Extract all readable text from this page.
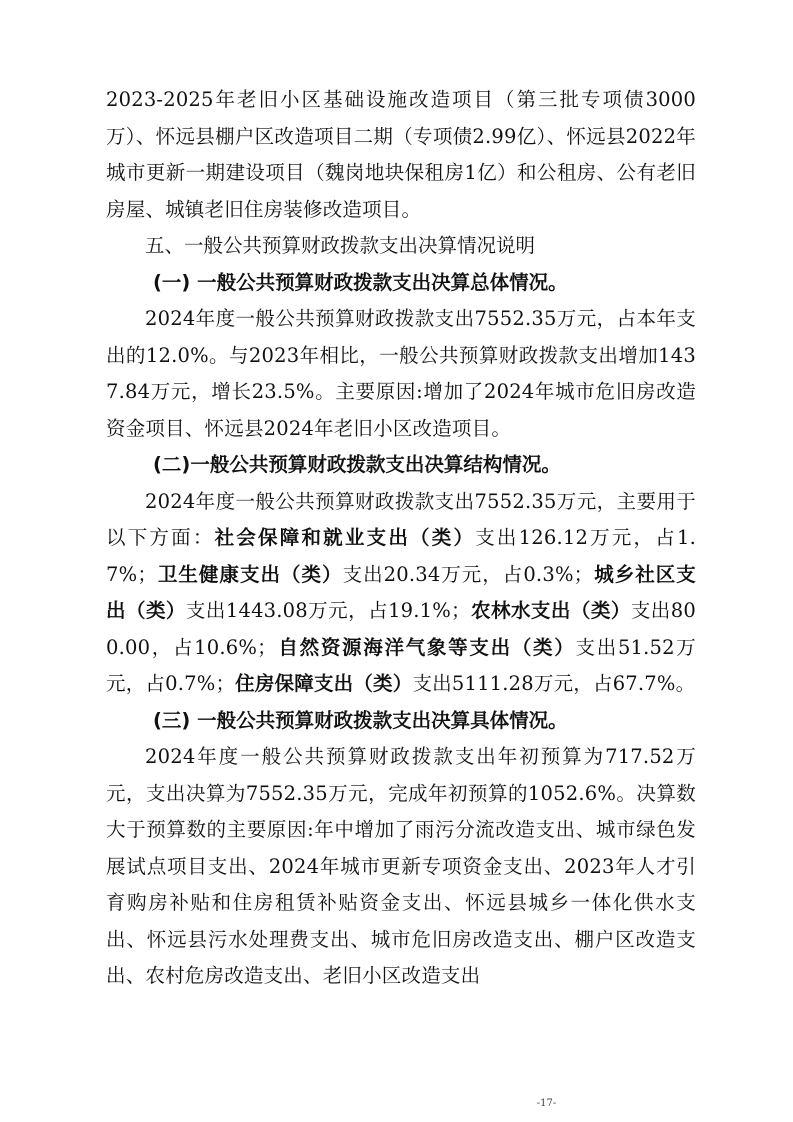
2023-2025年老旧小区基础设施改造项目（第三批专项债3000万）、怀远县棚户区改造项目二期（专项债2.99亿）、怀远县2022年城市更新一期建设项目（魏岗地块保租房1亿）和公租房、公有老旧房屋、城镇老旧住房装修改造项目。

五、一般公共预算财政拨款支出决算情况说明
(一) 一般公共预算财政拨款支出决算总体情况。

2024年度一般公共预算财政拨款支出7552.35万元，占本年支出的12.0%。与2023年相比，一般公共预算财政拨款支出增加1437.84万元，增长23.5%。主要原因:增加了2024年城市危旧房改造资金项目、怀远县2024年老旧小区改造项目。

(二)一般公共预算财政拨款支出决算结构情况。

2024年度一般公共预算财政拨款支出7552.35万元，主要用于以下方面：社会保障和就业支出（类）支出126.12万元，占1.7%；卫生健康支出（类）支出20.34万元，占0.3%；城乡社区支出（类）支出1443.08万元，占19.1%；农林水支出（类）支出800.00，占10.6%；自然资源海洋气象等支出（类）支出51.52万元，占0.7%；住房保障支出（类）支出5111.28万元，占67.7%。

(三) 一般公共预算财政拨款支出决算具体情况。

2024年度一般公共预算财政拨款支出年初预算为717.52万元，支出决算为7552.35万元，完成年初预算的1052.6%。决算数大于预算数的主要原因:年中增加了雨污分流改造支出、城市绿色发展试点项目支出、2024年城市更新专项资金支出、2023年人才引育购房补贴和住房租赁补贴资金支出、怀远县城乡一体化供水支出、怀远县污水处理费支出、城市危旧房改造支出、棚户区改造支出、农村危房改造支出、老旧小区改造支出

-17-
